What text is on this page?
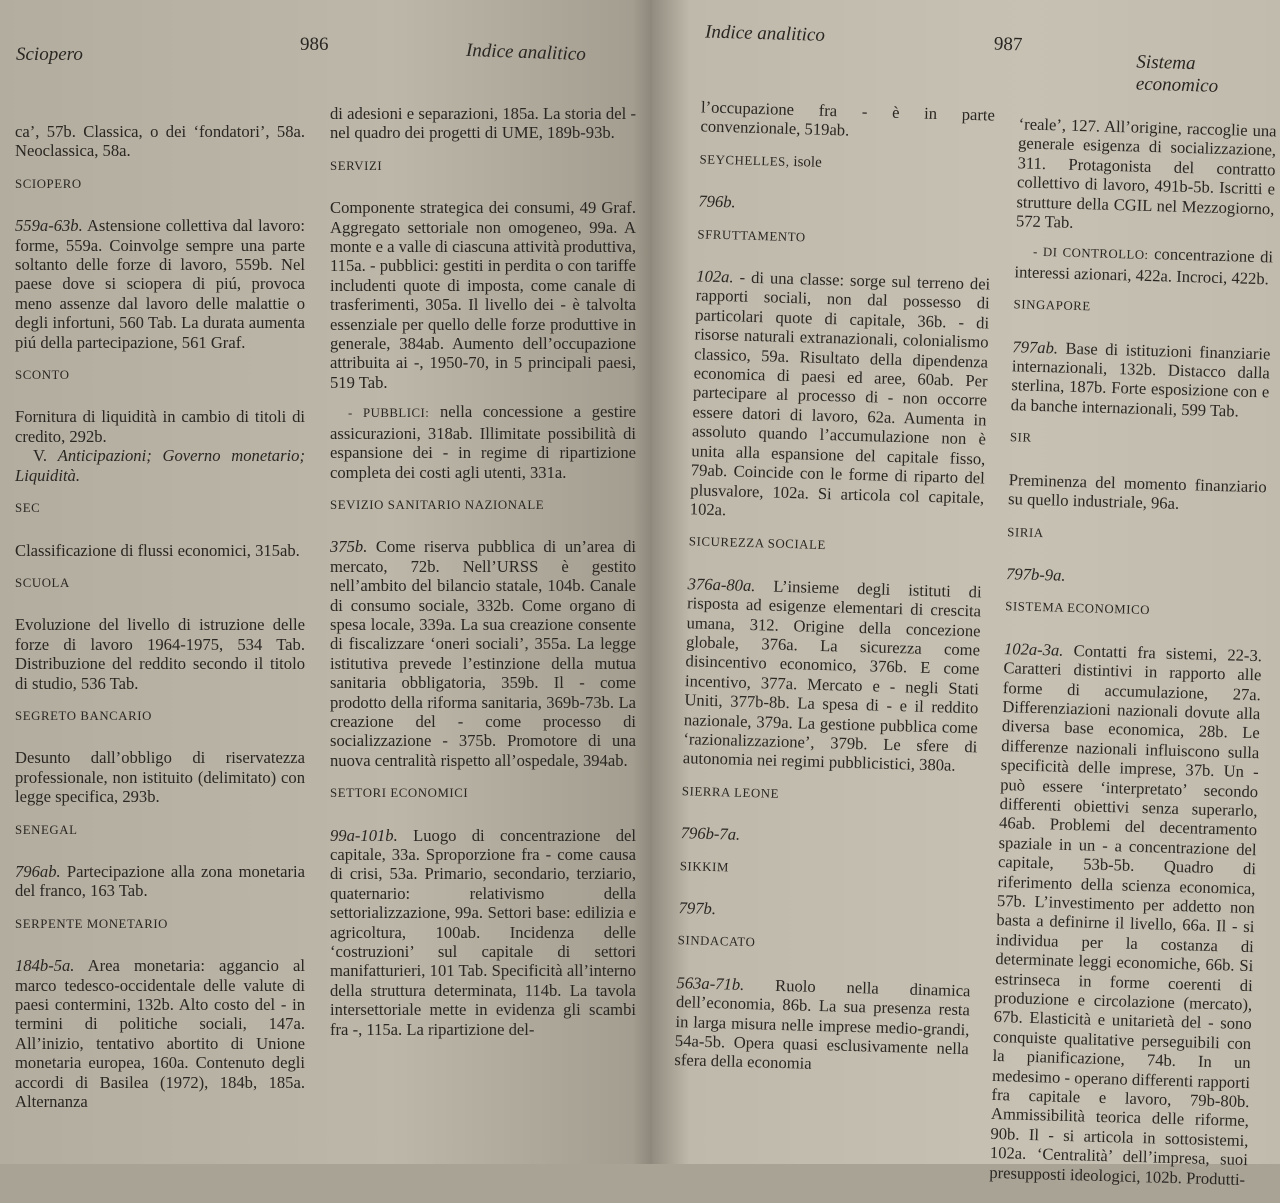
Sciopero	986	Indice analitico

ca’, 57b. Classica, o dei ‘fondatori’, 58a. Neoclassica, 58a.

SCIOPERO

559a-63b. Astensione collettiva dal lavoro: forme, 559a. Coinvolge sempre una parte soltanto delle forze di lavoro, 559b. Nel paese dove si sciopera di piú, provoca meno assenze dal lavoro delle malattie o degli infortuni, 560 Tab. La durata aumenta piú della partecipazione, 561 Graf.

SCONTO

Fornitura di liquidità in cambio di titoli di credito, 292b.

V. Anticipazioni; Governo monetario; Liquidità.

SEC

Classificazione di flussi economici, 315ab.

SCUOLA

Evoluzione del livello di istruzione delle forze di lavoro 1964-1975, 534 Tab. Distribuzione del reddito secondo il titolo di studio, 536 Tab.

SEGRETO BANCARIO

Desunto dall’obbligo di riservatezza professionale, non istituito (delimitato) con legge specifica, 293b.

SENEGAL

796ab. Partecipazione alla zona monetaria del franco, 163 Tab.

SERPENTE MONETARIO

184b-5a. Area monetaria: aggancio al marco tedesco-occidentale delle valute di paesi contermini, 132b. Alto costo del - in termini di politiche sociali, 147a. All’inizio, tentativo abortito di Unione monetaria europea, 160a. Contenuto degli accordi di Basilea (1972), 184b, 185a. Alternanza

di adesioni e separazioni, 185a. La storia del - nel quadro dei progetti di UME, 189b-93b.

SERVIZI

Componente strategica dei consumi, 49 Graf. Aggregato settoriale non omogeneo, 99a. A monte e a valle di ciascuna attività produttiva, 115a. - pubblici: gestiti in perdita o con tariffe includenti quote di imposta, come canale di trasferimenti, 305a. Il livello dei - è talvolta essenziale per quello delle forze produttive in generale, 384ab. Aumento dell’occupazione attribuita ai -, 1950-70, in 5 principali paesi, 519 Tab.

- PUBBLICI: nella concessione a gestire assicurazioni, 318ab. Illimitate possibilità di espansione dei - in regime di ripartizione completa dei costi agli utenti, 331a.

SEVIZIO SANITARIO NAZIONALE

375b. Come riserva pubblica di un’area di mercato, 72b. Nell’URSS è gestito nell’ambito del bilancio statale, 104b. Canale di consumo sociale, 332b. Come organo di spesa locale, 339a. La sua creazione consente di fiscalizzare ‘oneri sociali’, 355a. La legge istitutiva prevede l’estinzione della mutua sanitaria obbligatoria, 359b. Il - come prodotto della riforma sanitaria, 369b-73b. La creazione del - come processo di socializzazione - 375b. Promotore di una nuova centralità rispetto all’ospedale, 394ab.

SETTORI ECONOMICI

99a-101b. Luogo di concentrazione del capitale, 33a. Sproporzione fra - come causa di crisi, 53a. Primario, secondario, terziario, quaternario: relativismo della settorializzazione, 99a. Settori base: edilizia e agricoltura, 100ab. Incidenza delle ‘costruzioni’ sul capitale di settori manifatturieri, 101 Tab. Specificità all’interno della struttura determinata, 114b. La tavola intersettoriale mette in evidenza gli scambi fra -, 115a. La ripartizione del-

Indice analitico	987
Sistema economico

l’occupazione fra - è in parte convenzionale, 519ab.

SEYCHELLES, isole

796b.

SFRUTTAMENTO

102a. - di una classe: sorge sul terreno dei rapporti sociali, non dal possesso di particolari quote di capitale, 36b. - di risorse naturali extranazionali, colonialismo classico, 59a. Risultato della dipendenza economica di paesi ed aree, 60ab. Per partecipare al processo di - non occorre essere datori di lavoro, 62a. Aumenta in assoluto quando l’accumulazione non è unita alla espansione del capitale fisso, 79ab. Coincide con le forme di riparto del plusvalore, 102a. Si articola col capitale, 102a.

SICUREZZA SOCIALE

376a-80a. L’insieme degli istituti di risposta ad esigenze elementari di crescita umana, 312. Origine della concezione globale, 376a. La sicurezza come disincentivo economico, 376b. E come incentivo, 377a. Mercato e - negli Stati Uniti, 377b-8b. La spesa di - e il reddito nazionale, 379a. La gestione pubblica come ‘razionalizzazione’, 379b. Le sfere di autonomia nei regimi pubblicistici, 380a.

SIERRA LEONE

796b-7a.

SIKKIM

797b.

SINDACATO

563a-71b. Ruolo nella dinamica dell’economia, 86b. La sua presenza resta in larga misura nelle imprese medio-grandi, 54a-5b. Opera quasi esclusivamente nella sfera della economia

‘reale’, 127. All’origine, raccoglie una generale esigenza di socializzazione, 311. Protagonista del contratto collettivo di lavoro, 491b-5b. Iscritti e strutture della CGIL nel Mezzogiorno, 572 Tab.

- DI CONTROLLO: concentrazione di interessi azionari, 422a. Incroci, 422b.

SINGAPORE

797ab. Base di istituzioni finanziarie internazionali, 132b. Distacco dalla sterlina, 187b. Forte esposizione con e da banche internazionali, 599 Tab.

SIR

Preminenza del momento finanziario su quello industriale, 96a.

SIRIA

797b-9a.

SISTEMA ECONOMICO

102a-3a. Contatti fra sistemi, 22-3. Caratteri distintivi in rapporto alle forme di accumulazione, 27a. Differenziazioni nazionali dovute alla diversa base economica, 28b. Le differenze nazionali influiscono sulla specificità delle imprese, 37b. Un - può essere ‘interpretato’ secondo differenti obiettivi senza superarlo, 46ab. Problemi del decentramento spaziale in un - a concentrazione del capitale, 53b-5b. Quadro di riferimento della scienza economica, 57b. L’investimento per addetto non basta a definirne il livello, 66a. Il - si individua per la costanza di determinate leggi economiche, 66b. Si estrinseca in forme coerenti di produzione e circolazione (mercato), 67b. Elasticità e unitarietà del - sono conquiste qualitative perseguibili con la pianificazione, 74b. In un medesimo - operano differenti rapporti fra capitale e lavoro, 79b-80b. Ammissibilità teorica delle riforme, 90b. Il - si articola in sottosistemi, 102a. ‘Centralità’ dell’impresa, suoi presupposti ideologici, 102b. Produtti-
